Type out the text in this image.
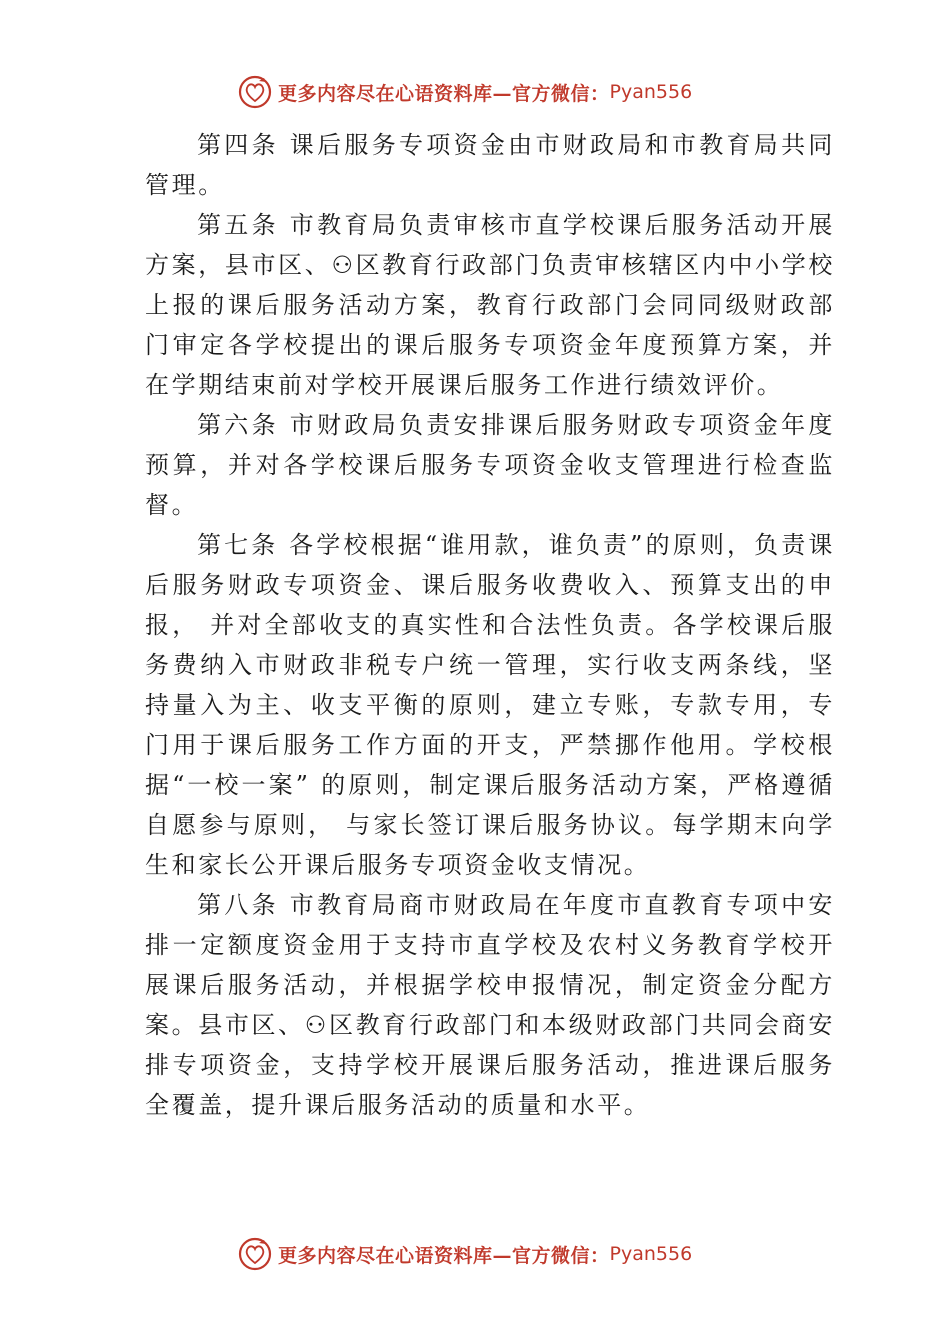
更多内容尽在心语资料库—官方微信： Pyan556

第四条 课后服务专项资金由市财政局和市教育局共同管理。

第五条 市教育局负责审核市直学校课后服务活动开展方案，县市区、⚇区教育行政部门负责审核辖区内中小学校上报的课后服务活动方案，教育行政部门会同同级财政部门审定各学校提出的课后服务专项资金年度预算方案，并在学期结束前对学校开展课后服务工作进行绩效评价。

第六条 市财政局负责安排课后服务财政专项资金年度预算，并对各学校课后服务专项资金收支管理进行检查监督。

第七条 各学校根据“谁用款，谁负责”的原则，负责课后服务财政专项资金、课后服务收费收入、预算支出的申报， 并对全部收支的真实性和合法性负责。各学校课后服务费纳入市财政非税专户统一管理，实行收支两条线，坚持量入为主、收支平衡的原则，建立专账，专款专用，专门用于课后服务工作方面的开支，严禁挪作他用。学校根据“一校一案” 的原则，制定课后服务活动方案，严格遵循自愿参与原则， 与家长签订课后服务协议。每学期末向学生和家长公开课后服务专项资金收支情况。

第八条 市教育局商市财政局在年度市直教育专项中安排一定额度资金用于支持市直学校及农村义务教育学校开展课后服务活动，并根据学校申报情况，制定资金分配方案。县市区、⚇区教育行政部门和本级财政部门共同会商安排专项资金，支持学校开展课后服务活动，推进课后服务全覆盖，提升课后服务活动的质量和水平。

更多内容尽在心语资料库—官方微信： Pyan556
